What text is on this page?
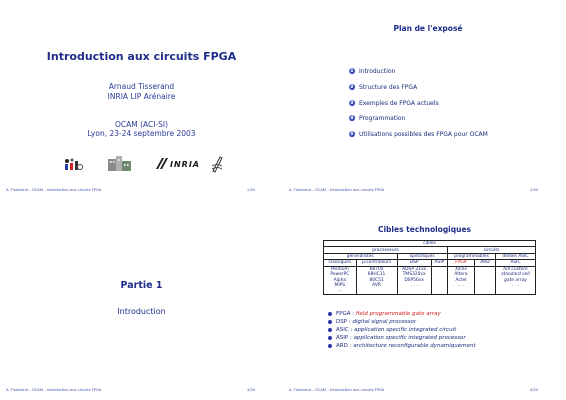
Introduction aux circuits FPGA
Arnaud Tisserand
INRIA LIP Arénaire
OCAM (ACI-SI)
Lyon, 23-24 septembre 2003
INRIA
A. Tisserand – OCAM – Introduction aux circuits FPGA	1/34
Plan de l'exposé
1 Introduction
2 Structure des FPGA
3 Exemples de FPGA actuels
4 Programmation
5 Utilisations possibles des FPGA pour OCAM
A. Tisserand – OCAM – Introduction aux circuits FPGA	2/34
Partie 1
Introduction
A. Tisserand – OCAM – Introduction aux circuits FPGA	3/34
Cibles technologiques
cibles						
processeurs				circuits		
généralistes		spécifiques		programmables		dédiés ASIC
classiques	μ-contrôleurs	DSP	ASIP	FPGA	ARD	ASIC
Pentium	68705	ADSP 21xx		Xilinx		full custom
PowerPC	68HC11	TMS320xx		Altera		standard cell
Alpha	80C51	DSP56xx		Actel		gate array
MIPS	AVR	. . .		. . .		. . .
...						
FPGA : field programmable gate array
DSP : digital signal processor
ASIC : application specific integrated circuit
ASIP : application specific integrated processor
ARD : architecture reconfigurable dynamiquement
A. Tisserand – OCAM – Introduction aux circuits FPGA	4/34
